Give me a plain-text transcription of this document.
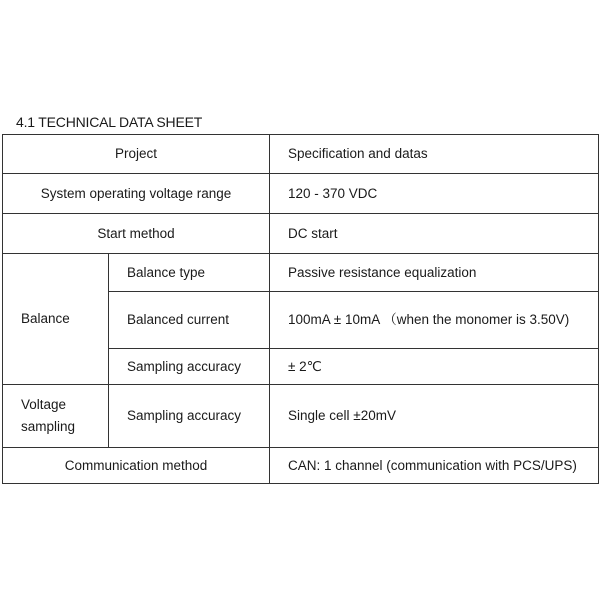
4.1 TECHNICAL DATA SHEET
Project		Specification and datas
System operating voltage range		120 - 370 VDC
Start method		DC start
Balance	Balance type	Passive resistance equalization
	Balanced current	100mA ± 10mA （when the monomer is 3.50V)
	Sampling accuracy	± 2℃
Voltage sampling	Sampling accuracy	Single cell ±20mV
Communication method		CAN: 1 channel (communication with PCS/UPS)
